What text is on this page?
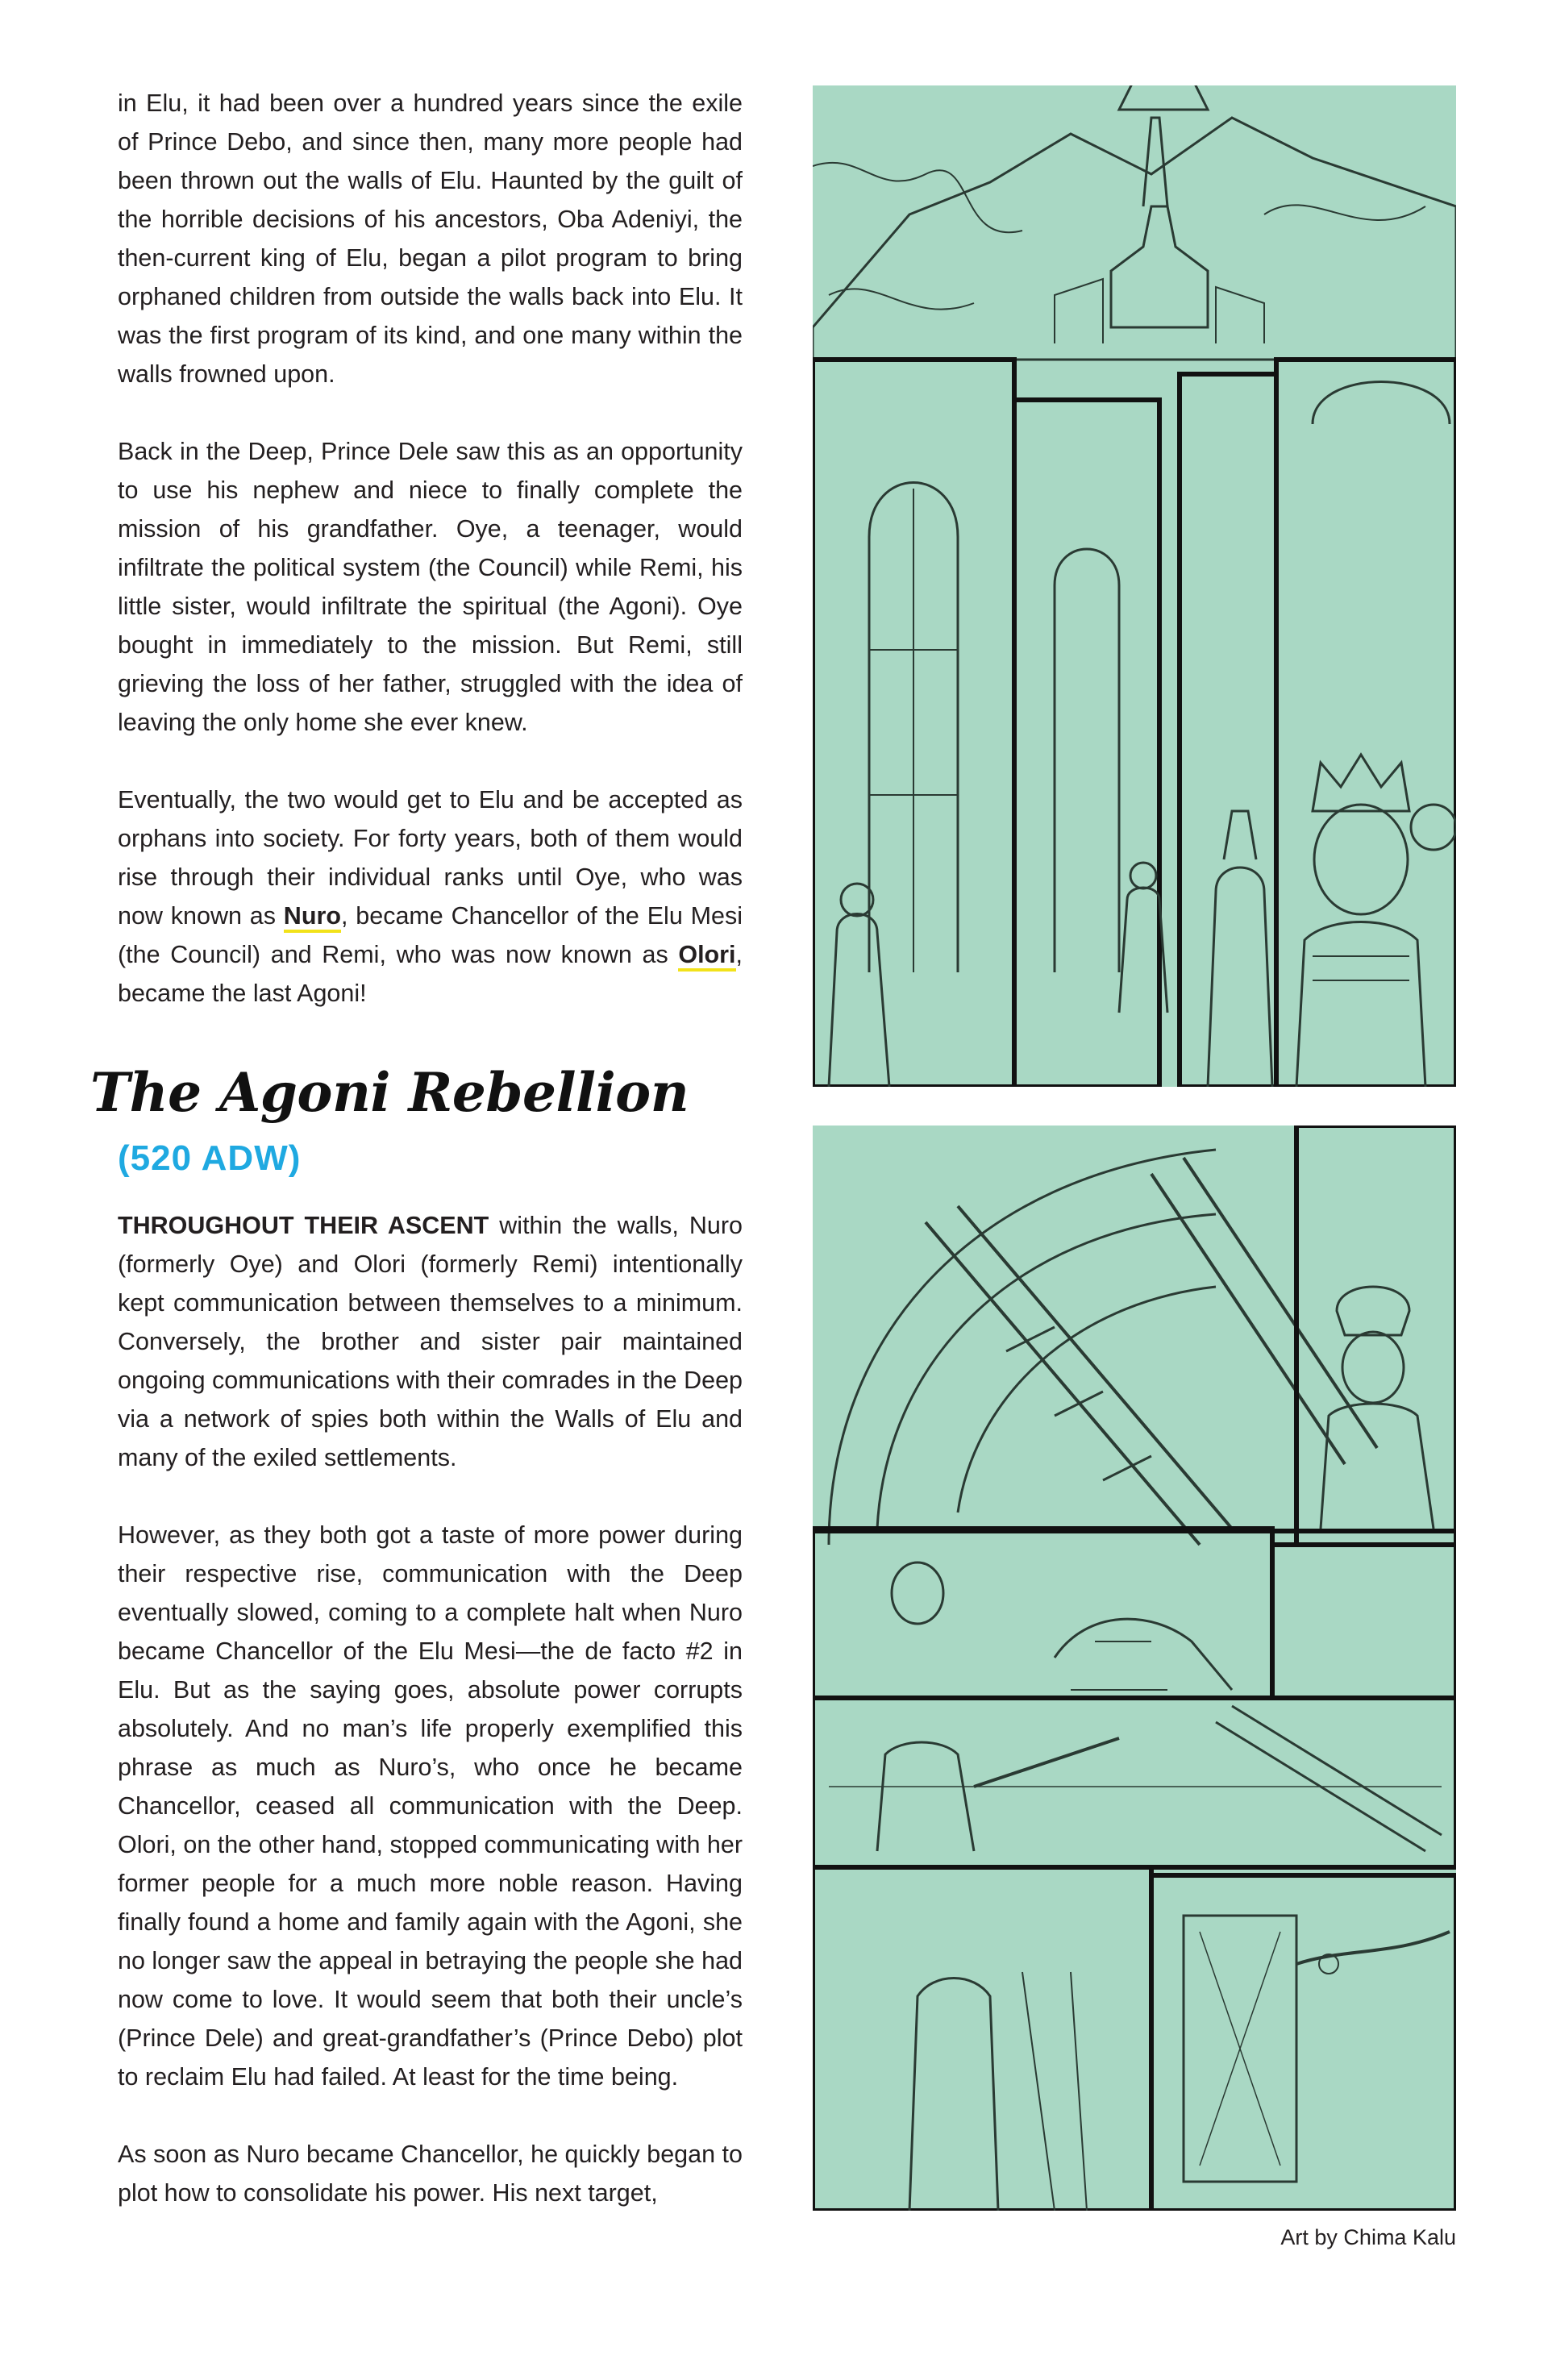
in Elu, it had been over a hundred years since the exile of Prince Debo, and since then, many more people had been thrown out the walls of Elu. Haunted by the guilt of the horrible decisions of his ancestors, Oba Adeniyi, the then-current king of Elu, began a pilot program to bring orphaned children from outside the walls back into Elu. It was the first program of its kind, and one many within the walls frowned upon.

Back in the Deep, Prince Dele saw this as an opportunity to use his nephew and niece to finally complete the mission of his grandfather. Oye, a teenager, would infiltrate the political system (the Council) while Remi, his little sister, would infiltrate the spiritual (the Agoni). Oye bought in immediately to the mission. But Remi, still grieving the loss of her father, struggled with the idea of leaving the only home she ever knew.

Eventually, the two would get to Elu and be accepted as orphans into society. For forty years, both of them would rise through their individual ranks until Oye, who was now known as Nuro, became Chancellor of the Elu Mesi (the Council) and Remi, who was now known as Olori, became the last Agoni!

The Agoni Rebellion
(520 ADW)

THROUGHOUT THEIR ASCENT within the walls, Nuro (formerly Oye) and Olori (formerly Remi) intentionally kept communication between themselves to a minimum. Conversely, the brother and sister pair maintained ongoing communications with their comrades in the Deep via a network of spies both within the Walls of Elu and many of the exiled settlements.

However, as they both got a taste of more power during their respective rise, communication with the Deep eventually slowed, coming to a complete halt when Nuro became Chancellor of the Elu Mesi—the de facto #2 in Elu. But as the saying goes, absolute power corrupts absolutely. And no man’s life properly exemplified this phrase as much as Nuro’s, who once he became Chancellor, ceased all communication with the Deep. Olori, on the other hand, stopped communicating with her former people for a much more noble reason. Having finally found a home and family again with the Agoni, she no longer saw the appeal in betraying the people she had now come to love. It would seem that both their uncle’s (Prince Dele) and great-grandfather’s (Prince Debo) plot to reclaim Elu had failed. At least for the time being.

As soon as Nuro became Chancellor, he quickly began to plot how to consolidate his power. His next target,

Art by Chima Kalu
